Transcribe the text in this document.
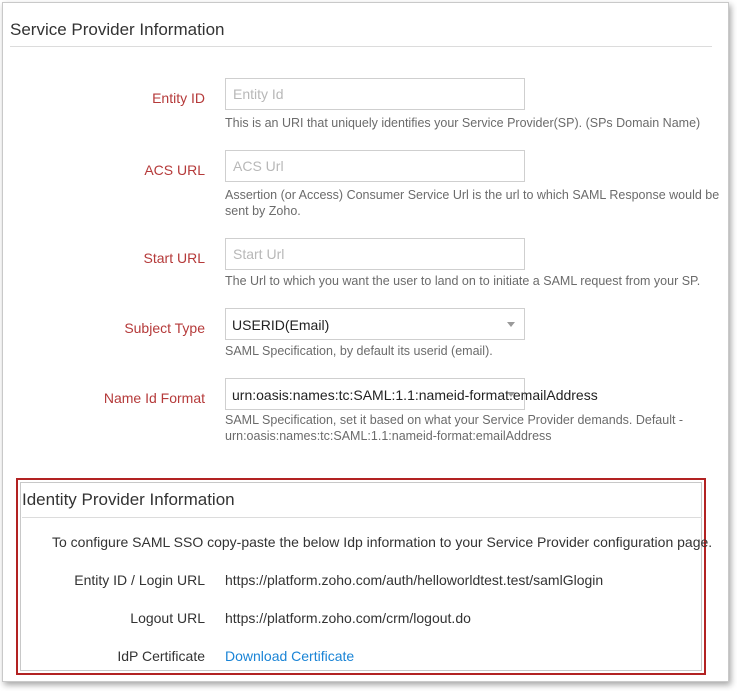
Service Provider Information
Entity ID
Entity Id
This is an URI that uniquely identifies your Service Provider(SP). (SPs Domain Name)
ACS URL
ACS Url
Assertion (or Access) Consumer Service Url is the url to which SAML Response would be sent by Zoho.
Start URL
Start Url
The Url to which you want the user to land on to initiate a SAML request from your SP.
Subject Type USERID(Email)
SAML Specification, by default its userid (email).
Name Id Format urn:oasis:names:tc:SAML:1.1:nameid-format:emailAddress
SAML Specification, set it based on what your Service Provider demands. Default - urn:oasis:names:tc:SAML:1.1:nameid-format:emailAddress
Identity Provider Information
To configure SAML SSO copy-paste the below Idp information to your Service Provider configuration page.
Entity ID / Login URL https://platform.zoho.com/auth/helloworldtest.test/samlGlogin
Logout URL https://platform.zoho.com/crm/logout.do
IdP Certificate Download Certificate
